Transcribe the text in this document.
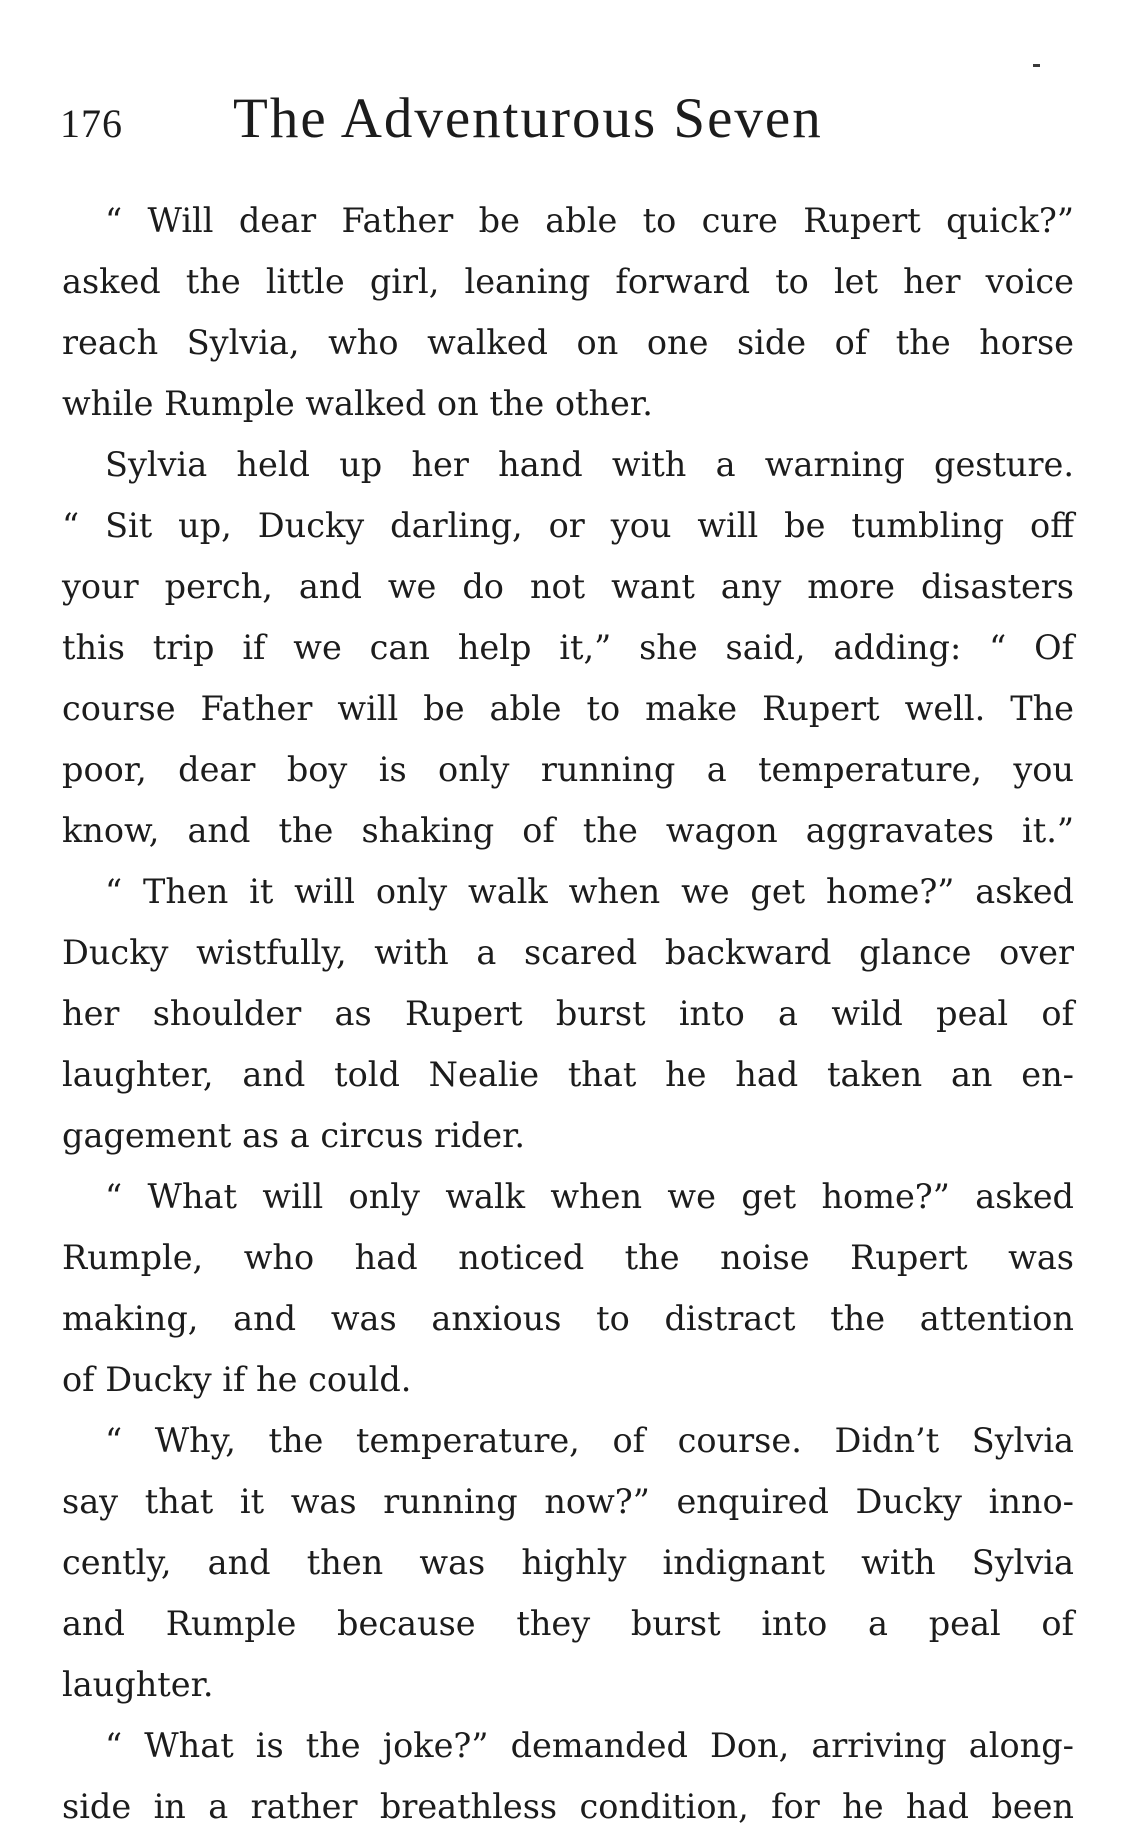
176 The Adventurous Seven
“ Will dear Father be able to cure Rupert quick?”
asked the little girl, leaning forward to let her voice
reach Sylvia, who walked on one side of the horse
while Rumple walked on the other.
Sylvia held up her hand with a warning gesture.
“ Sit up, Ducky darling, or you will be tumbling off
your perch, and we do not want any more disasters
this trip if we can help it,” she said, adding: “ Of
course Father will be able to make Rupert well. The
poor, dear boy is only running a temperature, you
know, and the shaking of the wagon aggravates it.”
“ Then it will only walk when we get home?” asked
Ducky wistfully, with a scared backward glance over
her shoulder as Rupert burst into a wild peal of
laughter, and told Nealie that he had taken an en-
gagement as a circus rider.
“ What will only walk when we get home?” asked
Rumple, who had noticed the noise Rupert was
making, and was anxious to distract the attention
of Ducky if he could.
“ Why, the temperature, of course. Didn’t Sylvia
say that it was running now?” enquired Ducky inno-
cently, and then was highly indignant with Sylvia
and Rumple because they burst into a peal of
laughter.
“ What is the joke?” demanded Don, arriving along-
side in a rather breathless condition, for he had been
